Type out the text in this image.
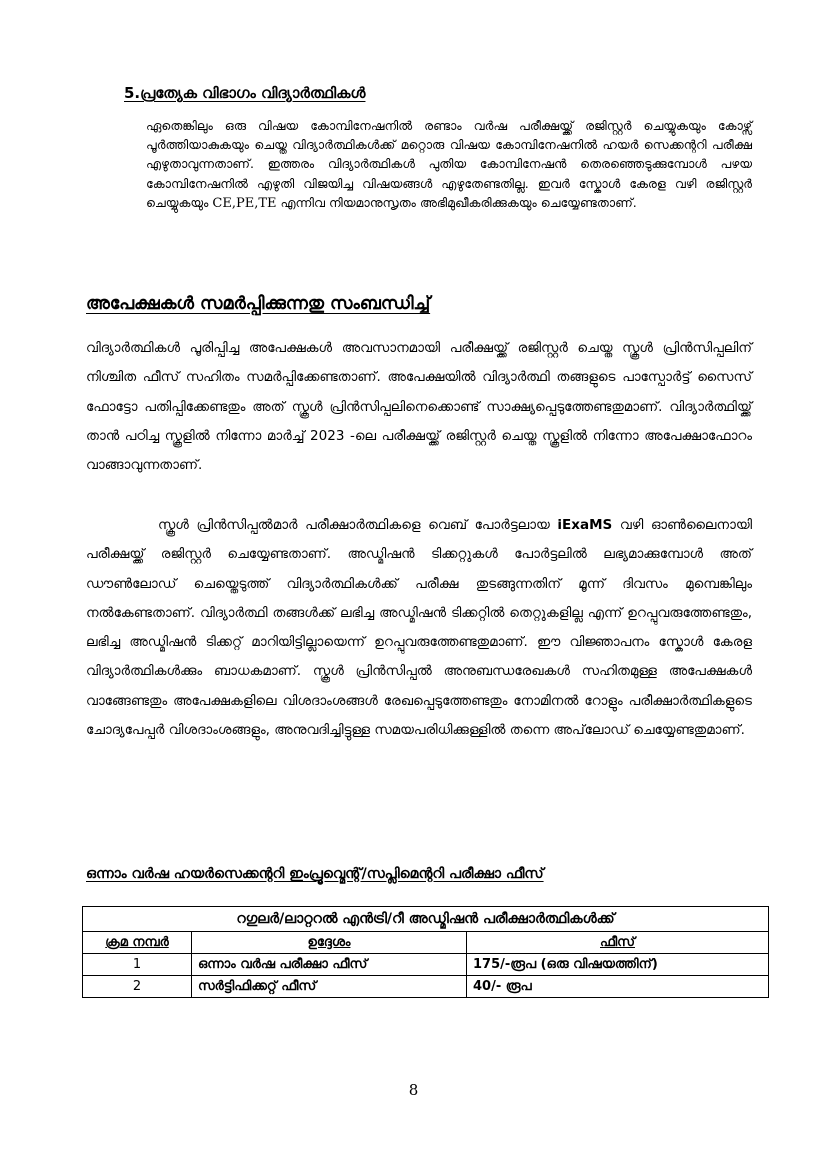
5.പ്രത്യേക വിഭാഗം വിദ്യാർത്ഥികൾ

ഏതെങ്കിലും ഒരു വിഷയ കോമ്പിനേഷനിൽ രണ്ടാം വർഷ പരീക്ഷയ്ക്ക് രജിസ്റ്റർ ചെയ്യുകയും കോഴ്സ് പൂർത്തിയാകുകയും ചെയ്ത വിദ്യാർത്ഥികൾക്ക് മറ്റൊരു വിഷയ കോമ്പിനേഷനിൽ ഹയർ സെക്കന്ററി പരീക്ഷ എഴുതാവുന്നതാണ്. ഇത്തരം വിദ്യാർത്ഥികൾ പുതിയ കോമ്പിനേഷൻ തെരഞ്ഞെടുക്കുമ്പോൾ പഴയ കോമ്പിനേഷനിൽ എഴുതി വിജയിച്ച വിഷയങ്ങൾ എഴുതേണ്ടതില്ല. ഇവർ സ്കോൾ കേരള വഴി രജിസ്റ്റർ ചെയ്യുകയും CE,PE,TE എന്നിവ നിയമാനുസൃതം അഭിമുഖീകരിക്കുകയും ചെയ്യേണ്ടതാണ്.

അപേക്ഷകൾ സമർപ്പിക്കുന്നതു സംബന്ധിച്ച്

വിദ്യാർത്ഥികൾ പൂരിപ്പിച്ച അപേക്ഷകൾ അവസാനമായി പരീക്ഷയ്ക്ക് രജിസ്റ്റർ ചെയ്ത സ്കൂൾ പ്രിൻസിപ്പലിന് നിശ്ചിത ഫീസ് സഹിതം സമർപ്പിക്കേണ്ടതാണ്. അപേക്ഷയിൽ വിദ്യാർത്ഥി തങ്ങളുടെ പാസ്പോർട്ട് സൈസ് ഫോട്ടോ പതിപ്പിക്കേണ്ടതും അത് സ്കൂൾ പ്രിൻസിപ്പലിനെക്കൊണ്ട് സാക്ഷ്യപ്പെടുത്തേണ്ടതുമാണ്. വിദ്യാർത്ഥിയ്ക്ക് താൻ പഠിച്ച സ്കൂളിൽ നിന്നോ മാർച്ച് 2023 -ലെ പരീക്ഷയ്ക്ക് രജിസ്റ്റർ ചെയ്ത സ്കൂളിൽ നിന്നോ അപേക്ഷാഫോറം വാങ്ങാവുന്നതാണ്.

സ്കൂൾ പ്രിൻസിപ്പൽമാർ പരീക്ഷാർത്ഥികളെ വെബ് പോർട്ടലായ iExaMS വഴി ഓൺലൈനായി പരീക്ഷയ്ക്ക് രജിസ്റ്റർ ചെയ്യേണ്ടതാണ്. അഡ്മിഷൻ ടിക്കറ്റുകൾ പോർട്ടലിൽ ലഭ്യമാക്കുമ്പോൾ അത് ഡൗൺലോഡ് ചെയ്തെടുത്ത് വിദ്യാർത്ഥികൾക്ക് പരീക്ഷ തുടങ്ങുന്നതിന് മൂന്ന് ദിവസം മുമ്പെങ്കിലും നൽകേണ്ടതാണ്. വിദ്യാർത്ഥി തങ്ങൾക്ക് ലഭിച്ച അഡ്മിഷൻ ടിക്കറ്റിൽ തെറ്റുകളില്ല എന്ന് ഉറപ്പുവരുത്തേണ്ടതും, ലഭിച്ച അഡ്മിഷൻ ടിക്കറ്റ് മാറിയിട്ടില്ലായെന്ന് ഉറപ്പുവരുത്തേണ്ടതുമാണ്. ഈ വിജ്ഞാപനം സ്കോൾ കേരള വിദ്യാർത്ഥികൾക്കും ബാധകമാണ്. സ്കൂൾ പ്രിൻസിപ്പൽ അനുബന്ധരേഖകൾ സഹിതമുള്ള അപേക്ഷകൾ വാങ്ങേണ്ടതും അപേക്ഷകളിലെ വിശദാംശങ്ങൾ രേഖപ്പെടുത്തേണ്ടതും നോമിനൽ റോളും പരീക്ഷാർത്ഥികളുടെ ചോദ്യപേപ്പർ വിശദാംശങ്ങളും, അനുവദിച്ചിട്ടുള്ള സമയപരിധിക്കുള്ളിൽ തന്നെ അപ്‌ലോഡ് ചെയ്യേണ്ടതുമാണ്.

ഒന്നാം വർഷ ഹയർസെക്കന്ററി ഇംപ്രൂവ്മെന്റ്/സപ്ലിമെന്ററി പരീക്ഷാ ഫീസ്
റഗുലർ/ലാറ്ററൽ എൻട്രി/റീ അഡ്മിഷൻ പരീക്ഷാർത്ഥികൾക്ക്		
ക്രമ നമ്പർ	ഉദ്ദേശം	ഫീസ്
1	ഒന്നാം വർഷ പരീക്ഷാ ഫീസ്	175/-രൂപ (ഒരു വിഷയത്തിന്)
2	സർട്ടിഫിക്കറ്റ് ഫീസ്	40/- രൂപ
8
